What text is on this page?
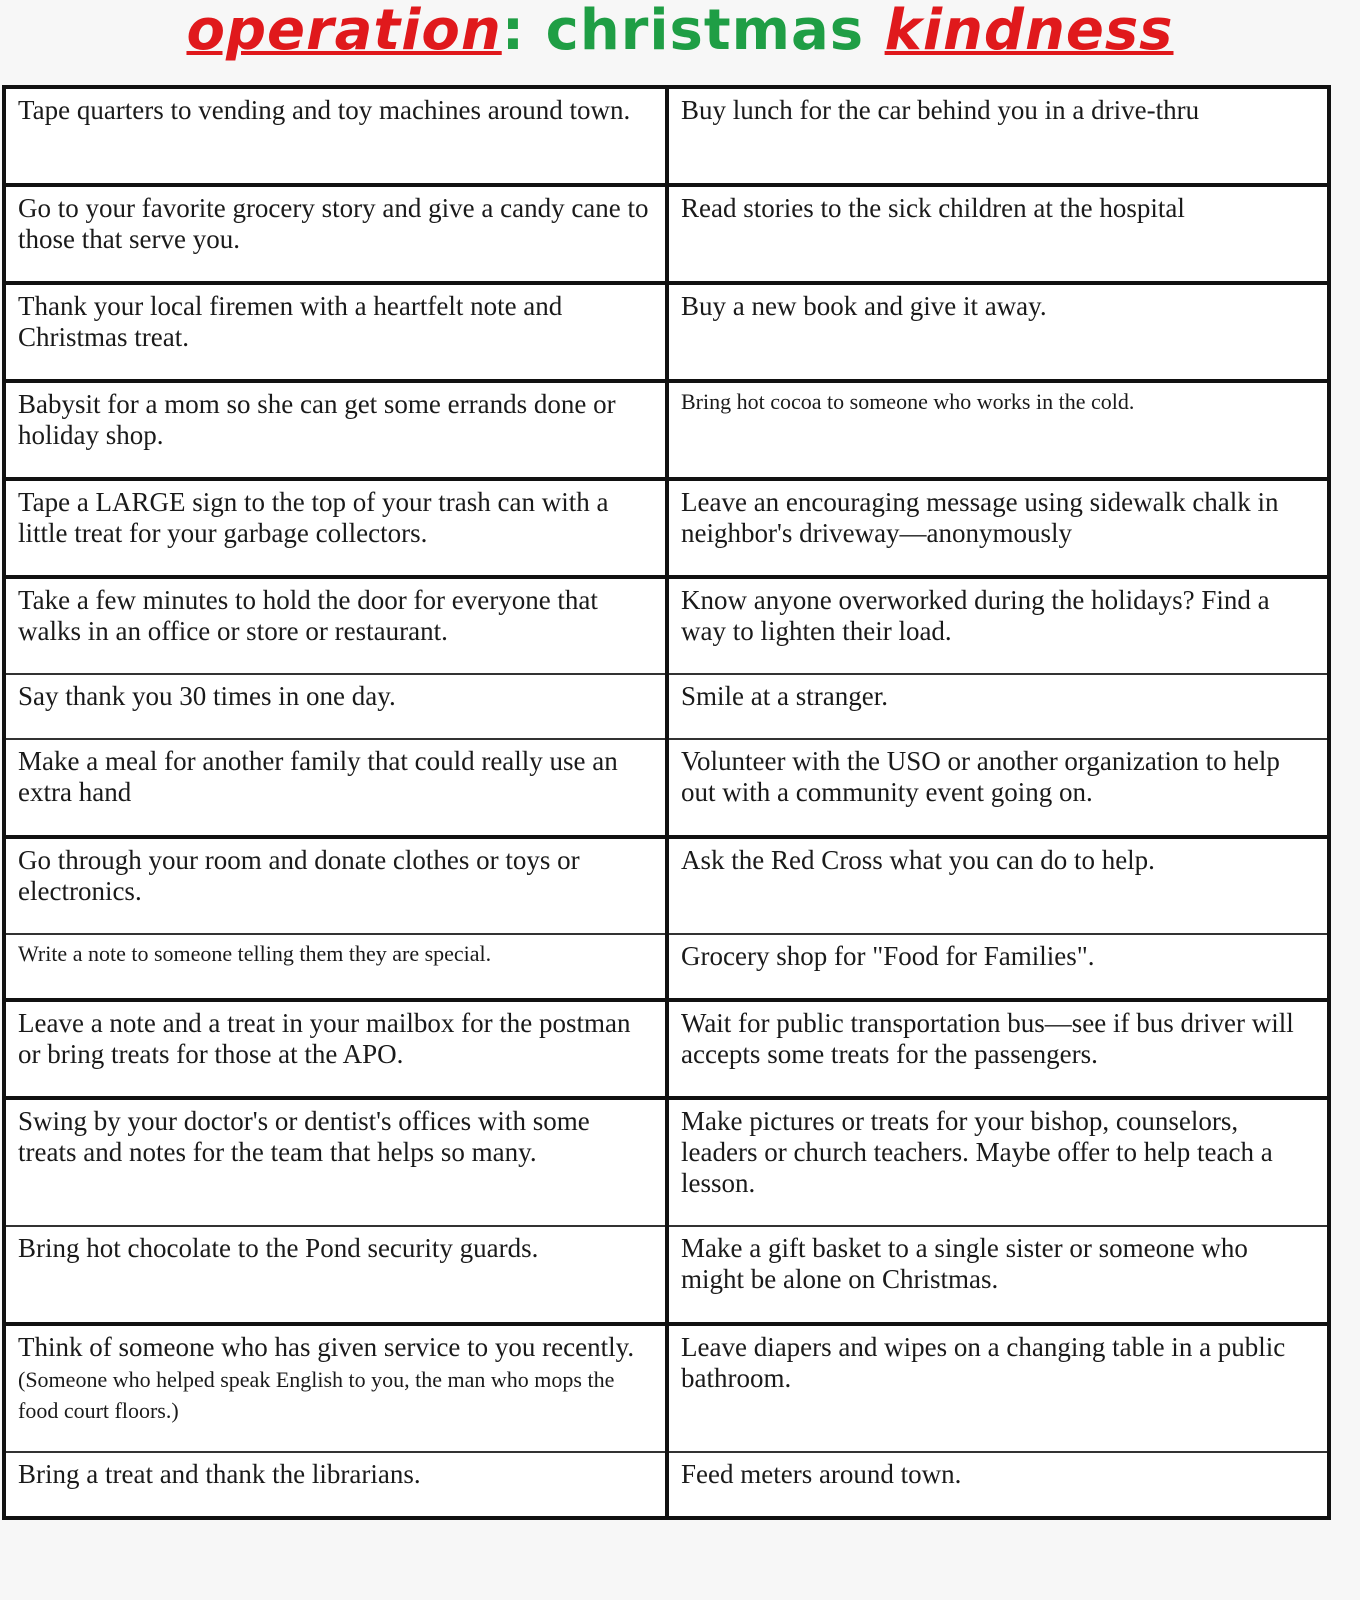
operation: christmas kindness
Tape quarters to vending and toy machines around town.	Buy lunch for the car behind you in a drive-thru
Go to your favorite grocery story and give a candy cane to those that serve you.	Read stories to the sick children at the hospital
Thank your local firemen with a heartfelt note and Christmas treat.	Buy a new book and give it away.
Babysit for a mom so she can get some errands done or holiday shop.	Bring hot cocoa to someone who works in the cold.
Tape a LARGE sign to the top of your trash can with a little treat for your garbage collectors.	Leave an encouraging message using sidewalk chalk in neighbor's driveway—anonymously
Take a few minutes to hold the door for everyone that walks in an office or store or restaurant.	Know anyone overworked during the holidays? Find a way to lighten their load.
Say thank you 30 times in one day.	Smile at a stranger.
Make a meal for another family that could really use an extra hand	Volunteer with the USO or another organization to help out with a community event going on.
Go through your room and donate clothes or toys or electronics.	Ask the Red Cross what you can do to help.
Write a note to someone telling them they are special.	Grocery shop for "Food for Families".
Leave a note and a treat in your mailbox for the postman or bring treats for those at the APO.	Wait for public transportation bus—see if bus driver will accepts some treats for the passengers.
Swing by your doctor's or dentist's offices with some treats and notes for the team that helps so many.	Make pictures or treats for your bishop, counselors, leaders or church teachers. Maybe offer to help teach a lesson.
Bring hot chocolate to the Pond security guards.	Make a gift basket to a single sister or someone who might be alone on Christmas.
Think of someone who has given service to you recently. (Someone who helped speak English to you, the man who mops the food court floors.)	Leave diapers and wipes on a changing table in a public bathroom.
Bring a treat and thank the librarians.	Feed meters around town.
